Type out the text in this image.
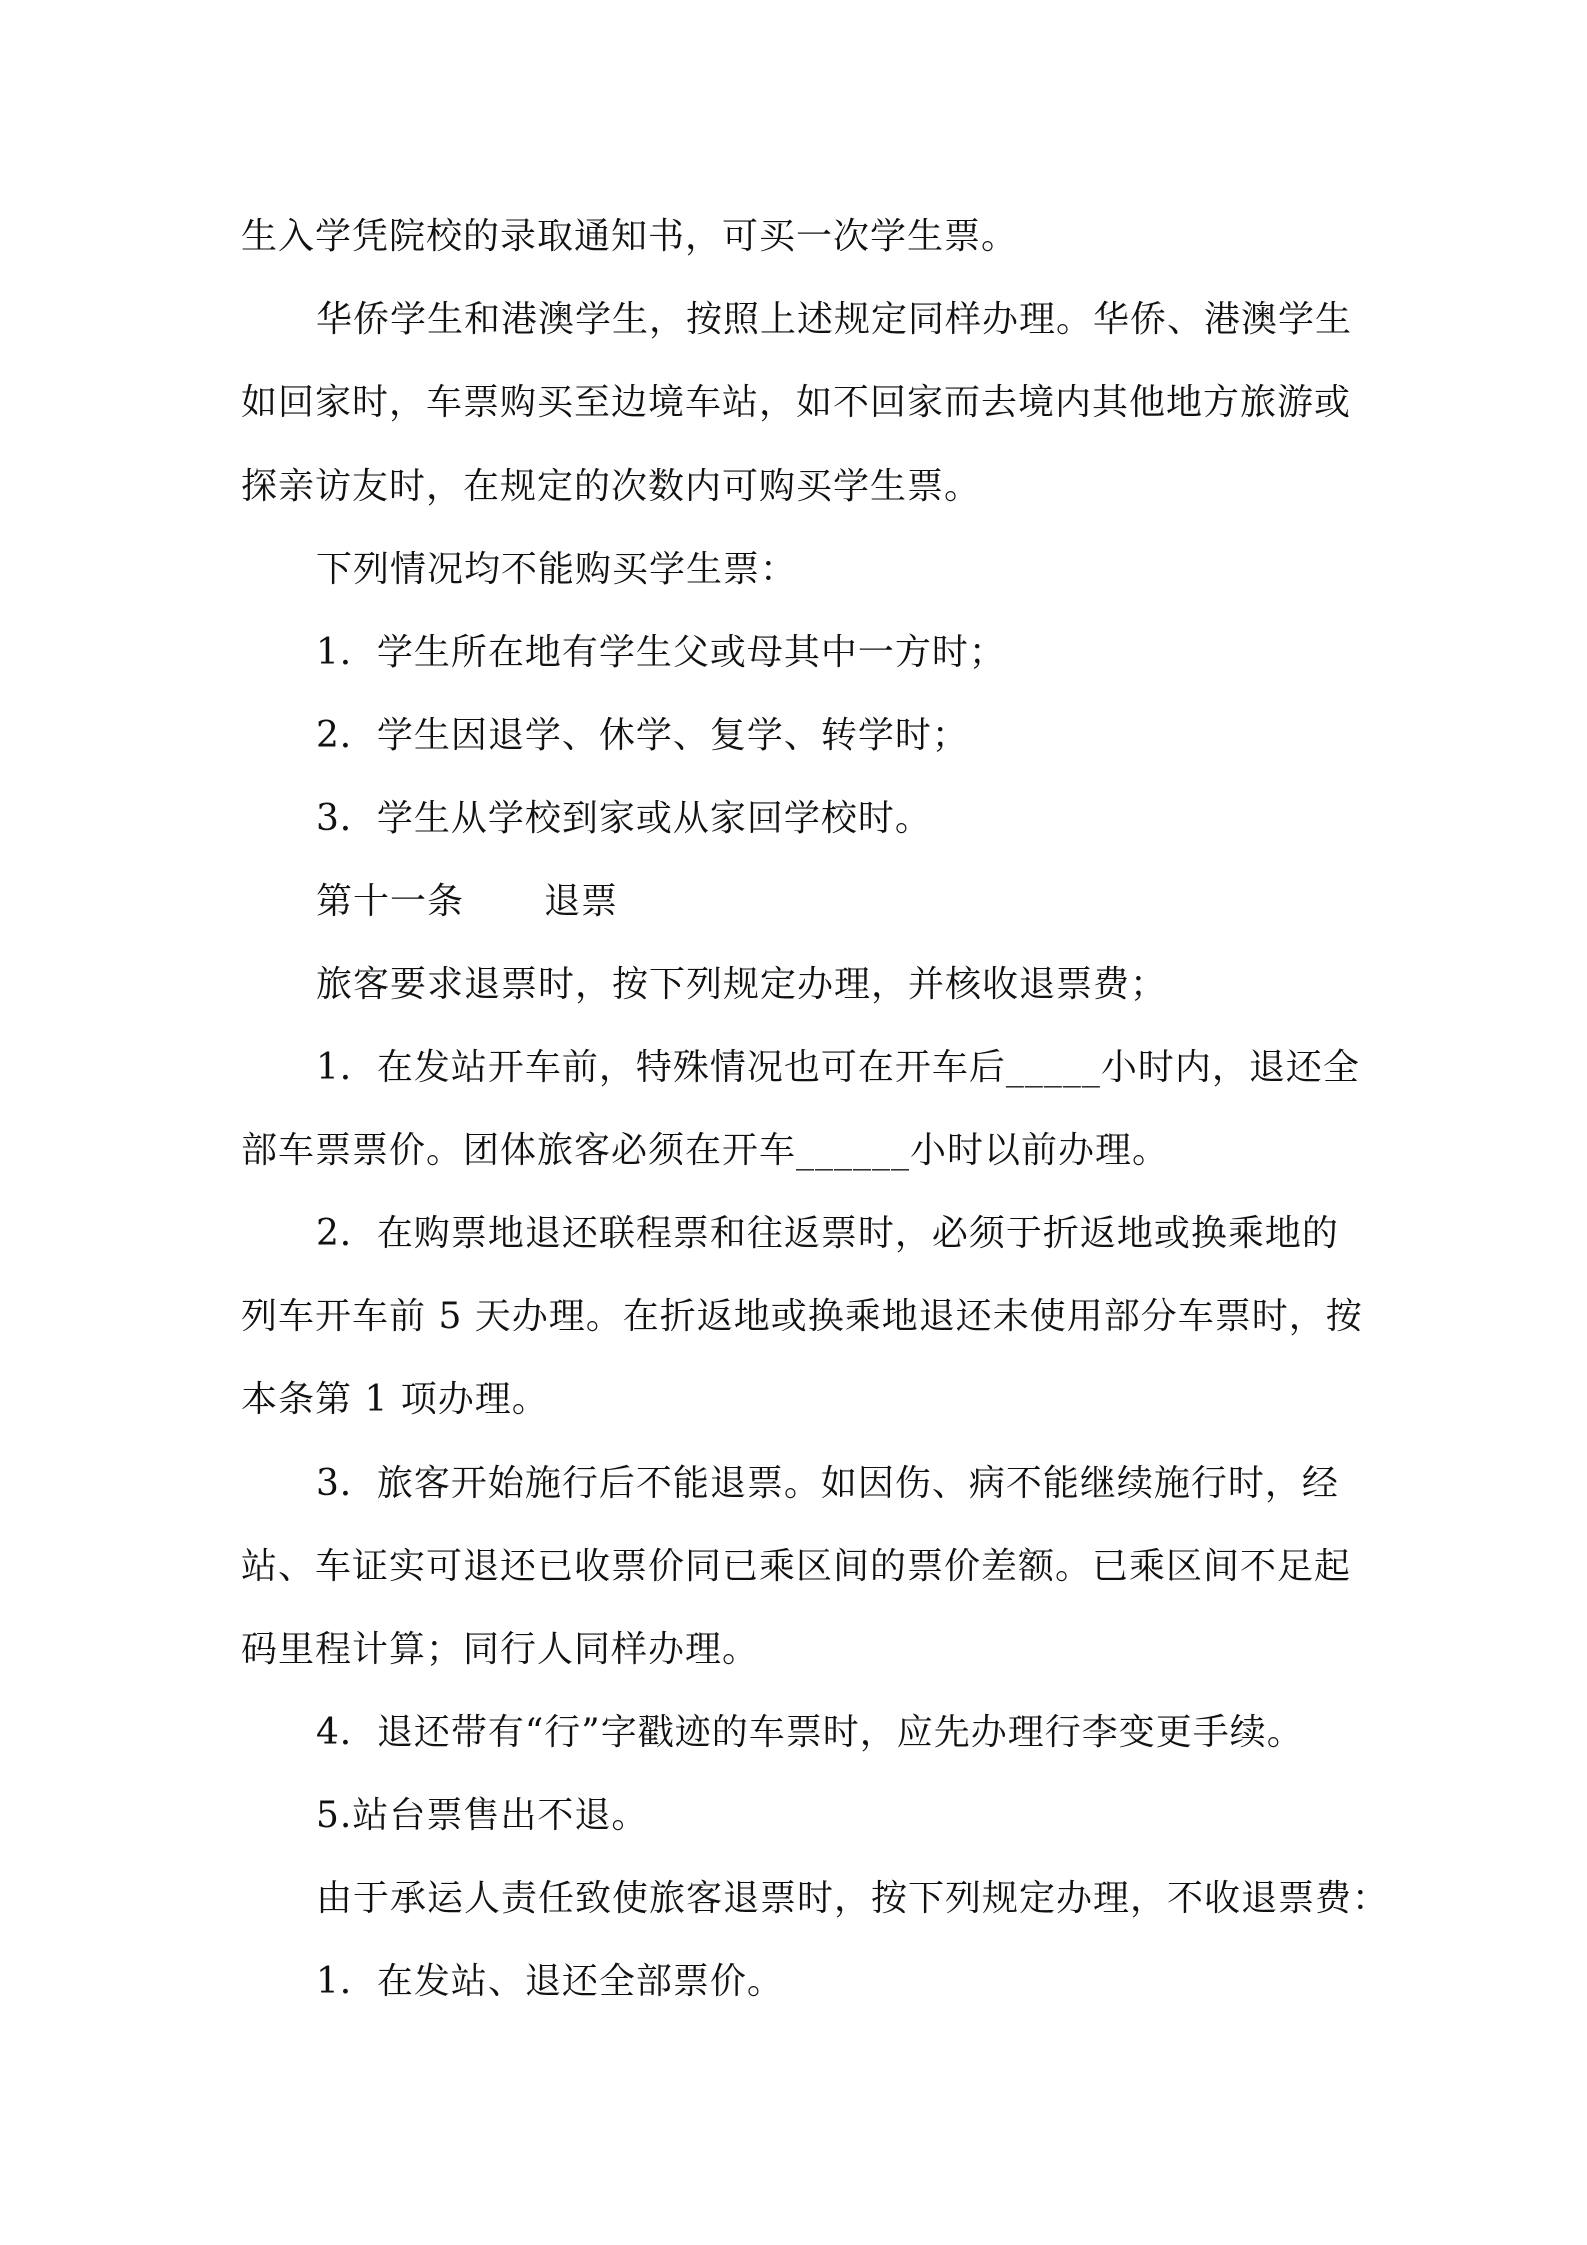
生入学凭院校的录取通知书，可买一次学生票。
华侨学生和港澳学生，按照上述规定同样办理。华侨、港澳学生
如回家时，车票购买至边境车站，如不回家而去境内其他地方旅游或
探亲访友时，在规定的次数内可购买学生票。
下列情况均不能购买学生票：
1．学生所在地有学生父或母其中一方时；
2．学生因退学、休学、复学、转学时；
3．学生从学校到家或从家回学校时。
第十一条 退票
旅客要求退票时，按下列规定办理，并核收退票费；
1．在发站开车前，特殊情况也可在开车后_____小时内，退还全
部车票票价。团体旅客必须在开车______小时以前办理。
2．在购票地退还联程票和往返票时，必须于折返地或换乘地的
列车开车前 5 天办理。在折返地或换乘地退还未使用部分车票时，按
本条第 1 项办理。
3．旅客开始施行后不能退票。如因伤、病不能继续施行时，经
站、车证实可退还已收票价同已乘区间的票价差额。已乘区间不足起
码里程计算；同行人同样办理。
4．退还带有“行”字戳迹的车票时，应先办理行李变更手续。
5.站台票售出不退。
由于承运人责任致使旅客退票时，按下列规定办理，不收退票费：
1．在发站、退还全部票价。
